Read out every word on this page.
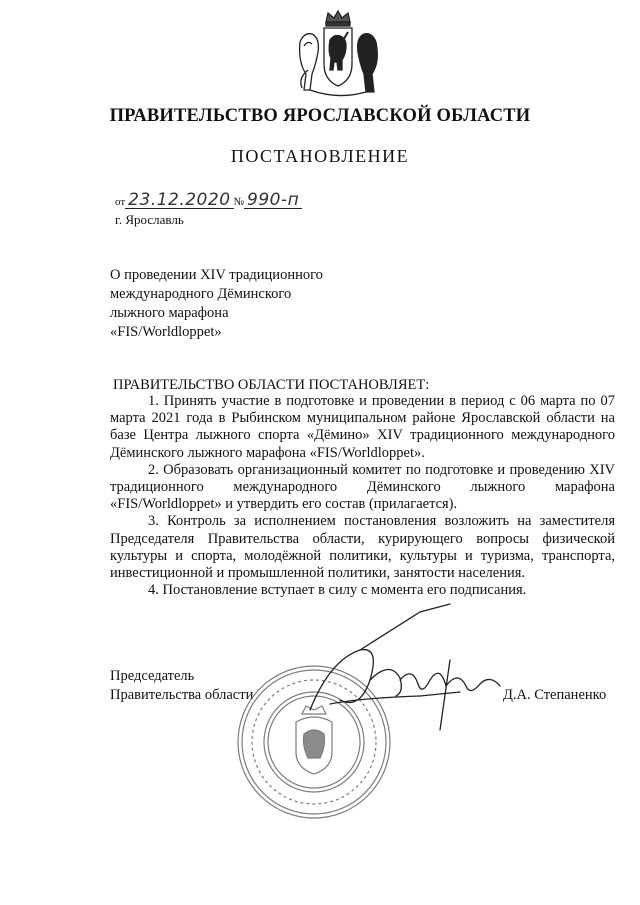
ПРАВИТЕЛЬСТВО ЯРОСЛАВСКОЙ ОБЛАСТИ
ПОСТАНОВЛЕНИЕ
от 23.12.2020 № 990-п
г. Ярославль
О проведении XIV традиционного
международного Дёминского
лыжного марафона
«FIS/Worldloppet»
ПРАВИТЕЛЬСТВО ОБЛАСТИ ПОСТАНОВЛЯЕТ:

1. Принять участие в подготовке и проведении в период с 06 марта по 07 марта 2021 года в Рыбинском муниципальном районе Ярославской области на базе Центра лыжного спорта «Дёмино» XIV традиционного международного Дёминского лыжного марафона «FIS/Worldloppet».

2. Образовать организационный комитет по подготовке и проведению XIV традиционного международного Дёминского лыжного марафона «FIS/Worldloppet» и утвердить его состав (прилагается).

3. Контроль за исполнением постановления возложить на заместителя Председателя Правительства области, курирующего вопросы физической культуры и спорта, молодёжной политики, культуры и туризма, транспорта, инвестиционной и промышленной политики, занятости населения.

4. Постановление вступает в силу с момента его подписания.

Председатель
Правительства области	Д.А. Степаненко
